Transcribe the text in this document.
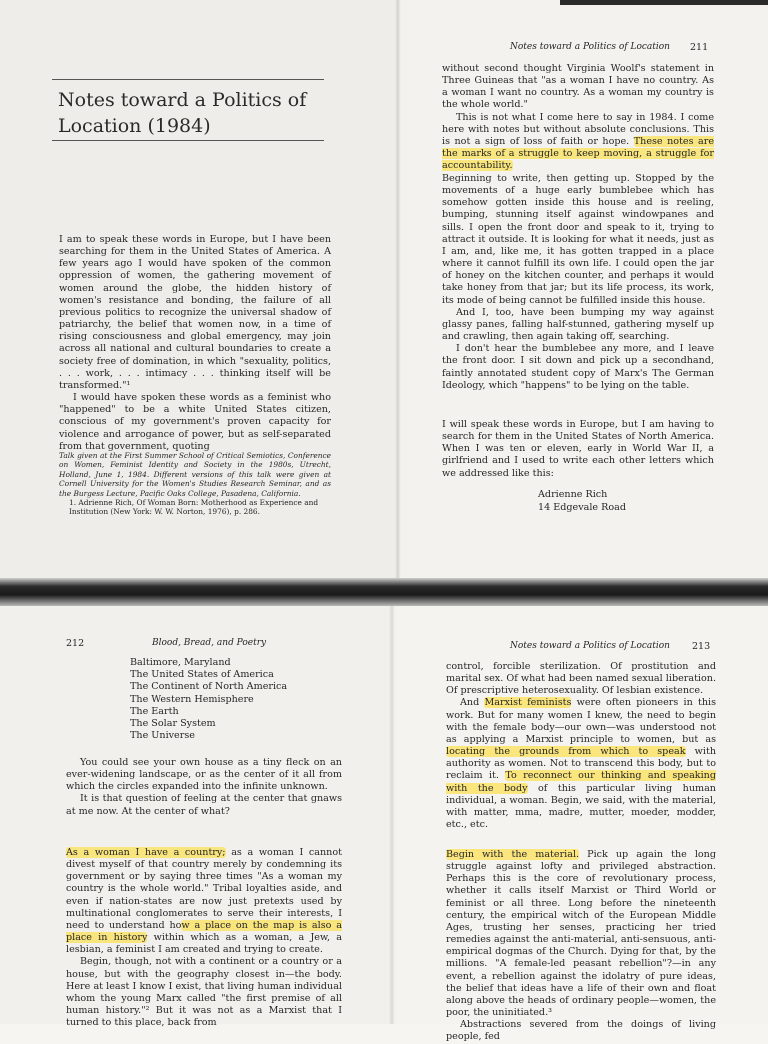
Notes toward a Politics of
Location (1984)

I am to speak these words in Europe, but I have been searching for them in the United States of America. A few years ago I would have spoken of the common oppression of women, the gathering movement of women around the globe, the hidden history of women's resistance and bonding, the failure of all previous politics to recognize the universal shadow of patriarchy, the belief that women now, in a time of rising consciousness and global emergency, may join across all national and cultural boundaries to create a society free of domination, in which "sexuality, politics, . . . work, . . . intimacy . . . thinking itself will be transformed."¹

I would have spoken these words as a feminist who "happened" to be a white United States citizen, conscious of my government's proven capacity for violence and arrogance of power, but as self-separated from that government, quoting

Talk given at the First Summer School of Critical Semiotics, Conference on Women, Feminist Identity and Society in the 1980s, Utrecht, Holland, June 1, 1984. Different versions of this talk were given at Cornell University for the Women's Studies Research Seminar, and as the Burgess Lecture, Pacific Oaks College, Pasadena, California.
1. Adrienne Rich, Of Woman Born: Motherhood as Experience and Institution (New York: W. W. Norton, 1976), p. 286.
Notes toward a Politics of Location 211

without second thought Virginia Woolf's statement in Three Guineas that "as a woman I have no country. As a woman I want no country. As a woman my country is the whole world."

This is not what I come here to say in 1984. I come here with notes but without absolute conclusions. This is not a sign of loss of faith or hope. These notes are the marks of a struggle to keep moving, a struggle for accountability.

Beginning to write, then getting up. Stopped by the movements of a huge early bumblebee which has somehow gotten inside this house and is reeling, bumping, stunning itself against windowpanes and sills. I open the front door and speak to it, trying to attract it outside. It is looking for what it needs, just as I am, and, like me, it has gotten trapped in a place where it cannot fulfill its own life. I could open the jar of honey on the kitchen counter, and perhaps it would take honey from that jar; but its life process, its work, its mode of being cannot be fulfilled inside this house.

And I, too, have been bumping my way against glassy panes, falling half-stunned, gathering myself up and crawling, then again taking off, searching.

I don't hear the bumblebee any more, and I leave the front door. I sit down and pick up a secondhand, faintly annotated student copy of Marx's The German Ideology, which "happens" to be lying on the table.

I will speak these words in Europe, but I am having to search for them in the United States of North America. When I was ten or eleven, early in World War II, a girlfriend and I used to write each other letters which we addressed like this:

Adrienne Rich
14 Edgevale Road
212	Blood, Bread, and Poetry
Baltimore, Maryland
The United States of America
The Continent of North America
The Western Hemisphere
The Earth
The Solar System
The Universe

You could see your own house as a tiny fleck on an ever-widening landscape, or as the center of it all from which the circles expanded into the infinite unknown.

It is that question of feeling at the center that gnaws at me now. At the center of what?

As a woman I have a country; as a woman I cannot divest myself of that country merely by condemning its government or by saying three times "As a woman my country is the whole world." Tribal loyalties aside, and even if nation-states are now just pretexts used by multinational conglomerates to serve their interests, I need to understand how a place on the map is also a place in history within which as a woman, a Jew, a lesbian, a feminist I am created and trying to create.

Begin, though, not with a continent or a country or a house, but with the geography closest in—the body. Here at least I know I exist, that living human individual whom the young Marx called "the first premise of all human history."² But it was not as a Marxist that I turned to this place, back from

Notes toward a Politics of Location 213

control, forcible sterilization. Of prostitution and marital sex. Of what had been named sexual liberation. Of prescriptive heterosexuality. Of lesbian existence.

And Marxist feminists were often pioneers in this work. But for many women I knew, the need to begin with the female body—our own—was understood not as applying a Marxist principle to women, but as locating the grounds from which to speak with authority as women. Not to transcend this body, but to reclaim it. To reconnect our thinking and speaking with the body of this particular living human individual, a woman. Begin, we said, with the material, with matter, mma, madre, mutter, moeder, modder, etc., etc.

Begin with the material. Pick up again the long struggle against lofty and privileged abstraction. Perhaps this is the core of revolutionary process, whether it calls itself Marxist or Third World or feminist or all three. Long before the nineteenth century, the empirical witch of the European Middle Ages, trusting her senses, practicing her tried remedies against the anti-material, anti-sensuous, anti-empirical dogmas of the Church. Dying for that, by the millions. "A female-led peasant rebellion"?—in any event, a rebellion against the idolatry of pure ideas, the belief that ideas have a life of their own and float along above the heads of ordinary people—women, the poor, the uninitiated.³

Abstractions severed from the doings of living people, fed
